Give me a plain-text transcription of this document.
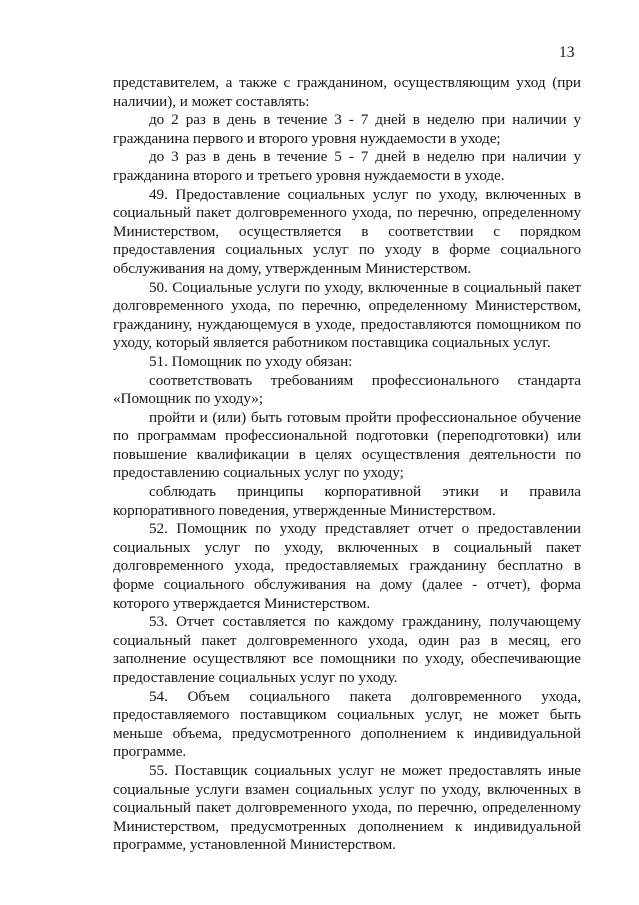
13

представителем, а также с гражданином, осуществляющим уход (при наличии), и может составлять:

до 2 раз в день в течение 3 - 7 дней в неделю при наличии у гражданина первого и второго уровня нуждаемости в уходе;

до 3 раз в день в течение 5 - 7 дней в неделю при наличии у гражданина второго и третьего уровня нуждаемости в уходе.

49. Предоставление социальных услуг по уходу, включенных в социальный пакет долговременного ухода, по перечню, определенному Министерством, осуществляется в соответствии с порядком предоставления социальных услуг по уходу в форме социального обслуживания на дому, утвержденным Министерством.

50. Социальные услуги по уходу, включенные в социальный пакет долговременного ухода, по перечню, определенному Министерством, гражданину, нуждающемуся в уходе, предоставляются помощником по уходу, который является работником поставщика социальных услуг.

51. Помощник по уходу обязан:

соответствовать требованиям профессионального стандарта «Помощник по уходу»;

пройти и (или) быть готовым пройти профессиональное обучение по программам профессиональной подготовки (переподготовки) или повышение квалификации в целях осуществления деятельности по предоставлению социальных услуг по уходу;

соблюдать принципы корпоративной этики и правила корпоративного поведения, утвержденные Министерством.

52. Помощник по уходу представляет отчет о предоставлении социальных услуг по уходу, включенных в социальный пакет долговременного ухода, предоставляемых гражданину бесплатно в форме социального обслуживания на дому (далее - отчет), форма которого утверждается Министерством.

53. Отчет составляется по каждому гражданину, получающему социальный пакет долговременного ухода, один раз в месяц, его заполнение осуществляют все помощники по уходу, обеспечивающие предоставление социальных услуг по уходу.

54. Объем социального пакета долговременного ухода, предоставляемого поставщиком социальных услуг, не может быть меньше объема, предусмотренного дополнением к индивидуальной программе.

55. Поставщик социальных услуг не может предоставлять иные социальные услуги взамен социальных услуг по уходу, включенных в социальный пакет долговременного ухода, по перечню, определенному Министерством, предусмотренных дополнением к индивидуальной программе, установленной Министерством.
